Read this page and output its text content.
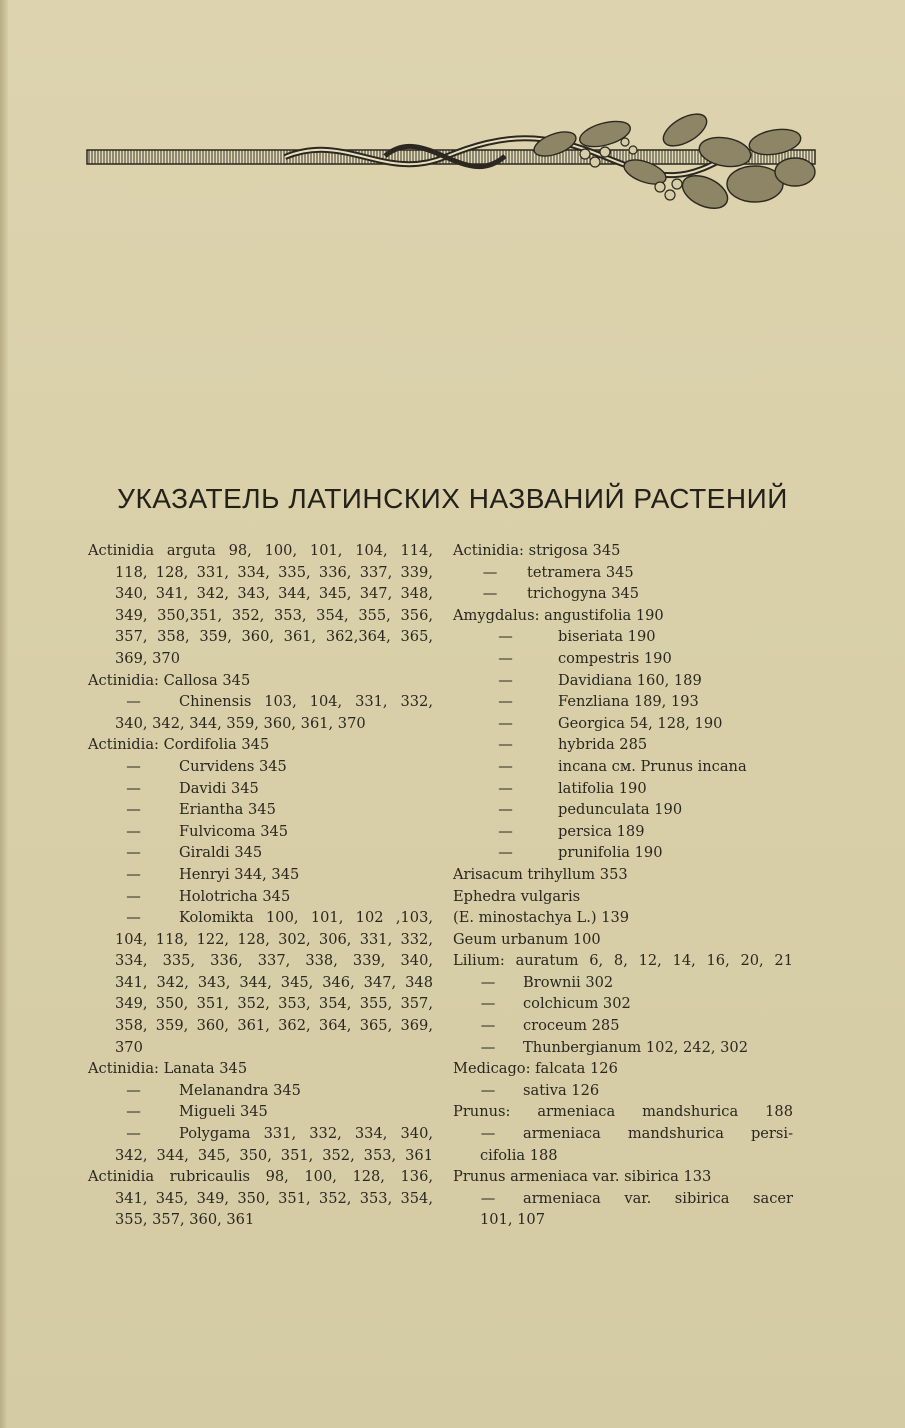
УКАЗАТЕЛЬ ЛАТИНСКИХ НАЗВАНИЙ РАСТЕНИЙ
Actinidia arguta 98, 100, 101, 104, 114,
118, 128, 331, 334, 335, 336, 337, 339,
340, 341, 342, 343, 344, 345, 347, 348,
349, 350,351, 352, 353, 354, 355, 356,
357, 358, 359, 360, 361, 362,364, 365,
369, 370
Actinidia: Callosa 345
—	Chinensis 103, 104, 331, 332,
340, 342, 344, 359, 360, 361, 370
Actinidia: Cordifolia 345
—	Curvidens 345
—	Davidi 345
—	Eriantha 345
—	Fulvicoma 345
—	Giraldi 345
—	Henryi 344, 345
—	Holotricha 345
—	Kolomikta 100, 101, 102 ,103,
104, 118, 122, 128, 302, 306, 331, 332,
334, 335, 336, 337, 338, 339, 340,
341, 342, 343, 344, 345, 346, 347, 348
349, 350, 351, 352, 353, 354, 355, 357,
358, 359, 360, 361, 362, 364, 365, 369,
370
Actinidia: Lanata 345
—	Melanandra 345
—	Migueli 345
—	Polygama 331, 332, 334, 340,
342, 344, 345, 350, 351, 352, 353, 361
Actinidia rubricaulis 98, 100, 128, 136,
341, 345, 349, 350, 351, 352, 353, 354,
355, 357, 360, 361
Actinidia: strigosa 345
—	tetramera 345
—	trichogyna 345
Amygdalus: angustifolia 190
—	biseriata 190
—	compestris 190
—	Davidiana 160, 189
—	Fenzliana 189, 193
—	Georgica 54, 128, 190
—	hybrida 285
—	incana см. Prunus incana
—	latifolia 190
—	pedunculata 190
—	persica 189
—	prunifolia 190
Arisacum trihyllum 353
Ephedra vulgaris
(E. minostachya L.) 139
Geum urbanum 100
Lilium: auratum 6, 8, 12, 14, 16, 20, 21
—	Brownii 302
—	colchicum 302
—	croceum 285
—	Thunbergianum 102, 242, 302
Medicago: falcata 126
—	sativa 126
Prunus: armeniaca mandshurica 188
—	armeniaca mandshurica persi-
cifolia 188
Prunus armeniaca var. sibirica 133
—	armeniaca var. sibirica sacer
101, 107
